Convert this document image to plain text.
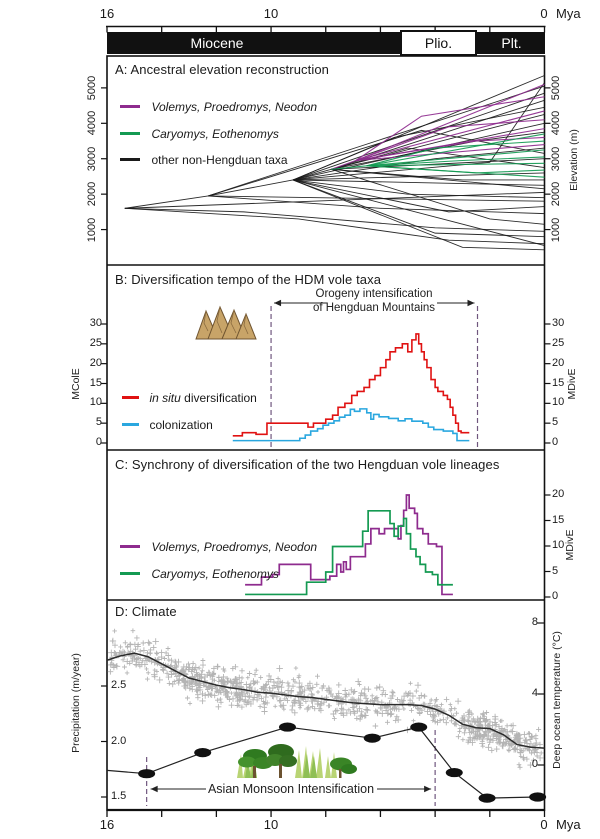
16	10	0 Mya
Miocene	Plio.	Plt.
A: Ancestral elevation reconstruction
Volemys, Proedromys, Neodon
Caryomys, Eothenomys
other non-Hengduan taxa	Elevation (m)
B: Diversification tempo of the HDM vole taxa
Orogeny intensification
of Hengduan Mountains
MColE	MDivE
in situ diversification
colonization
C: Synchrony of diversification of the two Hengduan vole lineages
MDivE
Volemys, Proedromys, Neodon
Caryomys, Eothenomys
D: Climate
Precipitation (m/year)	Deep ocean temperature (°C)
Asian Monsoon Intensification
16	10	0 Mya
1000	1000
2000	2000
3000	3000
4000	4000
5000	5000
0
5
10
15
20
25
30
0
5
10
15
20
25
30
0
5
10
15
20
1.5
2.0
2.5
0
4
8
